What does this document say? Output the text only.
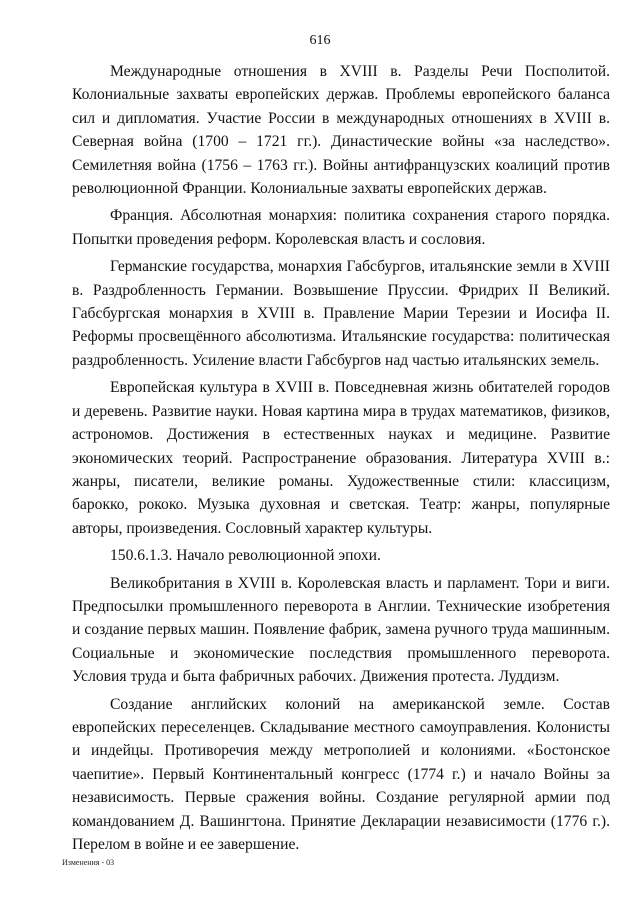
616

Международные отношения в XVIII в. Разделы Речи Посполитой. Колониальные захваты европейских держав. Проблемы европейского баланса сил и дипломатия. Участие России в международных отношениях в XVIII в. Северная война (1700 – 1721 гг.). Династические войны «за наследство». Семилетняя война (1756 – 1763 гг.). Войны антифранцузских коалиций против революционной Франции. Колониальные захваты европейских держав.

Франция. Абсолютная монархия: политика сохранения старого порядка. Попытки проведения реформ. Королевская власть и сословия.

Германские государства, монархия Габсбургов, итальянские земли в XVIII в. Раздробленность Германии. Возвышение Пруссии. Фридрих II Великий. Габсбургская монархия в XVIII в. Правление Марии Терезии и Иосифа II. Реформы просвещённого абсолютизма. Итальянские государства: политическая раздробленность. Усиление власти Габсбургов над частью итальянских земель.

Европейская культура в XVIII в. Повседневная жизнь обитателей городов и деревень. Развитие науки. Новая картина мира в трудах математиков, физиков, астрономов. Достижения в естественных науках и медицине. Развитие экономических теорий. Распространение образования. Литература XVIII в.: жанры, писатели, великие романы. Художественные стили: классицизм, барокко, рококо. Музыка духовная и светская. Театр: жанры, популярные авторы, произведения. Сословный характер культуры.

150.6.1.3. Начало революционной эпохи.

Великобритания в XVIII в. Королевская власть и парламент. Тори и виги. Предпосылки промышленного переворота в Англии. Технические изобретения и создание первых машин. Появление фабрик, замена ручного труда машинным. Социальные и экономические последствия промышленного переворота. Условия труда и быта фабричных рабочих. Движения протеста. Луддизм.

Создание английских колоний на американской земле. Состав европейских переселенцев. Складывание местного самоуправления. Колонисты и индейцы. Противоречия между метрополией и колониями. «Бостонское чаепитие». Первый Континентальный конгресс (1774 г.) и начало Войны за независимость. Первые сражения войны. Создание регулярной армии под командованием Д. Вашингтона. Принятие Декларации независимости (1776 г.). Перелом в войне и ее завершение.

Изменения - 03
